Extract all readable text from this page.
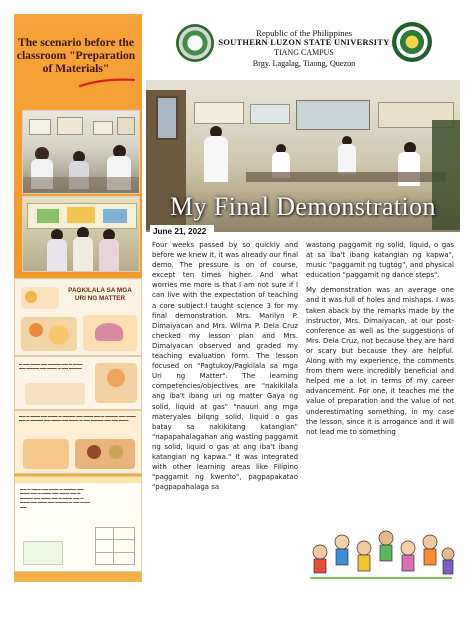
The scenario before the classroom "Preparation of Materials"
PAGKILALA SA MGA URI NG MATTER
▬ ▬▬ ▬▬▬ ▬▬ ▬▬▬▬ ▬▬ ▬ ▬▬▬ ▬▬ ▬▬▬▬ ▬▬ ▬▬▬ ▬ ▬▬ ▬▬▬▬
▬▬ ▬ ▬▬▬ ▬▬ ▬▬▬ ▬ ▬▬▬▬ ▬▬ ▬▬▬ ▬▬ ▬ ▬▬▬▬ ▬▬ ▬▬▬ ▬▬ ▬ ▬▬▬▬ ▬▬ ▬▬▬ ▬▬ ▬▬▬ ▬ ▬▬ ▬▬▬▬ ▬▬ ▬▬ ▬▬▬
▬▬ ▬ ▬▬▬ ▬▬ ▬▬▬ ▬ ▬▬▬▬ ▬▬ ▬▬▬ ▬▬ ▬ ▬▬▬ ▬▬ ▬▬▬ ▬▬ ▬ ▬▬▬▬ ▬▬ ▬▬▬ ▬▬ ▬ ▬▬▬ ▬▬ ▬ ▬▬▬ ▬▬ ▬▬▬ ▬▬ ▬▬▬▬ ▬ ▬▬ ▬▬▬ ▬▬
Republic of the Philippines
SOUTHERN LUZON STATE UNIVERSITY
TIANG CAMPUS
Brgy. Lagalag, Tiaong, Quezon
My Final Demonstration
June 21, 2022

Four weeks passed by so quickly and before we knew it, it was already our final demo. The pressure is on of course, except ten times higher. And what worries me more is that I am not sure if I can live with the expectation of teaching a core subject.I taught science 3 for my final demonstration. Mrs. Marilyn P. Dimaiyacan and Mrs. Wilma P. Dela Cruz checked my lesson plan and Mrs. Dimaiyacan observed and graded my teaching evaluation form. The lesson focused on "Pagtukoy/Pagkilala sa mga Uri ng Matter". The learning competencies/objectives are "nakikilala ang iba't ibang uri ng matter Gaya ng solid, liquid at gas" "nauuri ang mga materyales bilqng solid, liquid o gas batay sa nakikitang katangian" "napapahalagahan ang wasting paggamit ng solid, liquid o gas at ang iba't ibang katangian ng kapwa." It was integrated with other learning areas like Filipino "paggamit ng kwento", pagpapakatao "pagpapahalaga sa

wastong paggamit ng solid, liquid, o gas at sa iba't ibang katangian ng kapwa", music "paggamit ng tugtog", and physical education "paggamit ng dance steps".

My demonstration was an average one and it was full of holes and mishaps. I was taken aback by the remarks made by the instructor, Mrs. Dimaiyacan, at our post-conference as well as the suggestions of Mrs. Dela Cruz, not because they are hard or scary but because they are helpful. Along with my experience, the comments from them were incredibly beneficial and helped me a lot in terms of my career advancement. For one, it teaches me the value of preparation and the value of not underestimating something, in my case the lesson, since it is arrogance and it will not lead me to something
